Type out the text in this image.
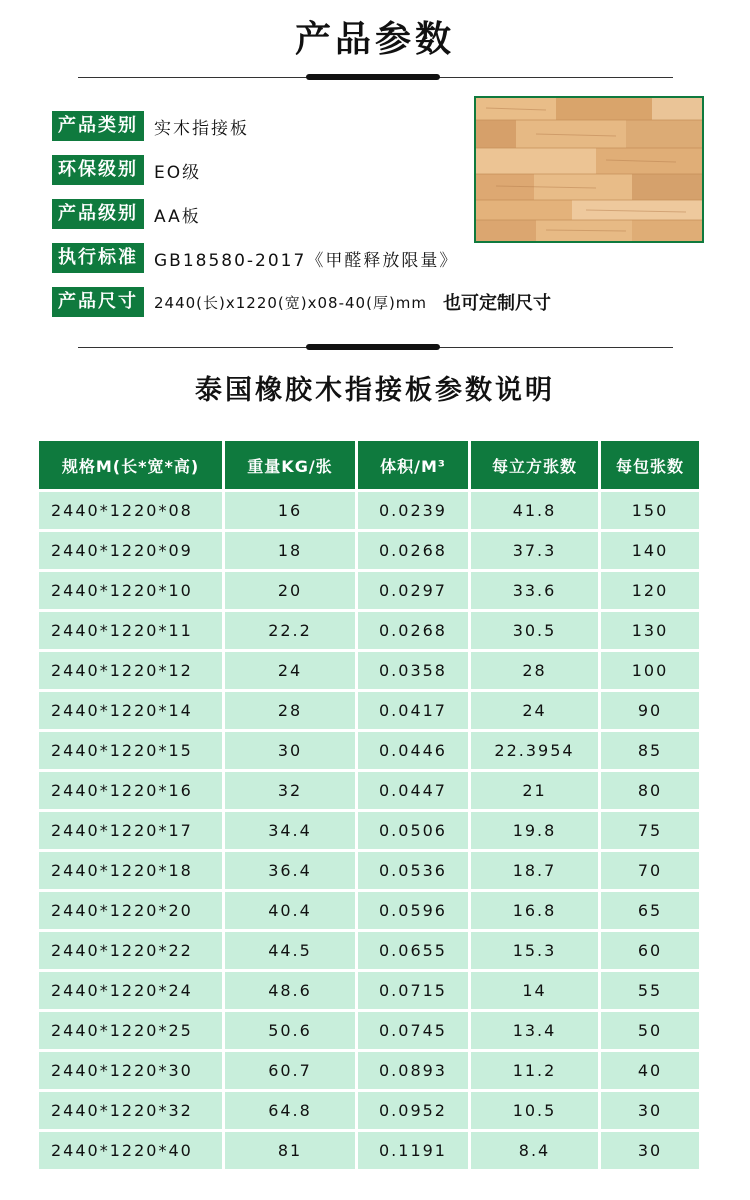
产品参数
产品类别 实木指接板
环保级别 EO级
产品级别 AA板
执行标准 GB18580-2017《甲醛释放限量》
产品尺寸	2440(长)x1220(宽)x08-40(厚)mm 也可定制尺寸
泰国橡胶木指接板参数说明
规格M(长*宽*高)	重量KG/张	体积/M³	每立方张数	每包张数
2440*1220*08	16	0.0239	41.8	150
2440*1220*09	18	0.0268	37.3	140
2440*1220*10	20	0.0297	33.6	120
2440*1220*11	22.2	0.0268	30.5	130
2440*1220*12	24	0.0358	28	100
2440*1220*14	28	0.0417	24	90
2440*1220*15	30	0.0446	22.3954	85
2440*1220*16	32	0.0447	21	80
2440*1220*17	34.4	0.0506	19.8	75
2440*1220*18	36.4	0.0536	18.7	70
2440*1220*20	40.4	0.0596	16.8	65
2440*1220*22	44.5	0.0655	15.3	60
2440*1220*24	48.6	0.0715	14	55
2440*1220*25	50.6	0.0745	13.4	50
2440*1220*30	60.7	0.0893	11.2	40
2440*1220*32	64.8	0.0952	10.5	30
2440*1220*40	81	0.1191	8.4	30
